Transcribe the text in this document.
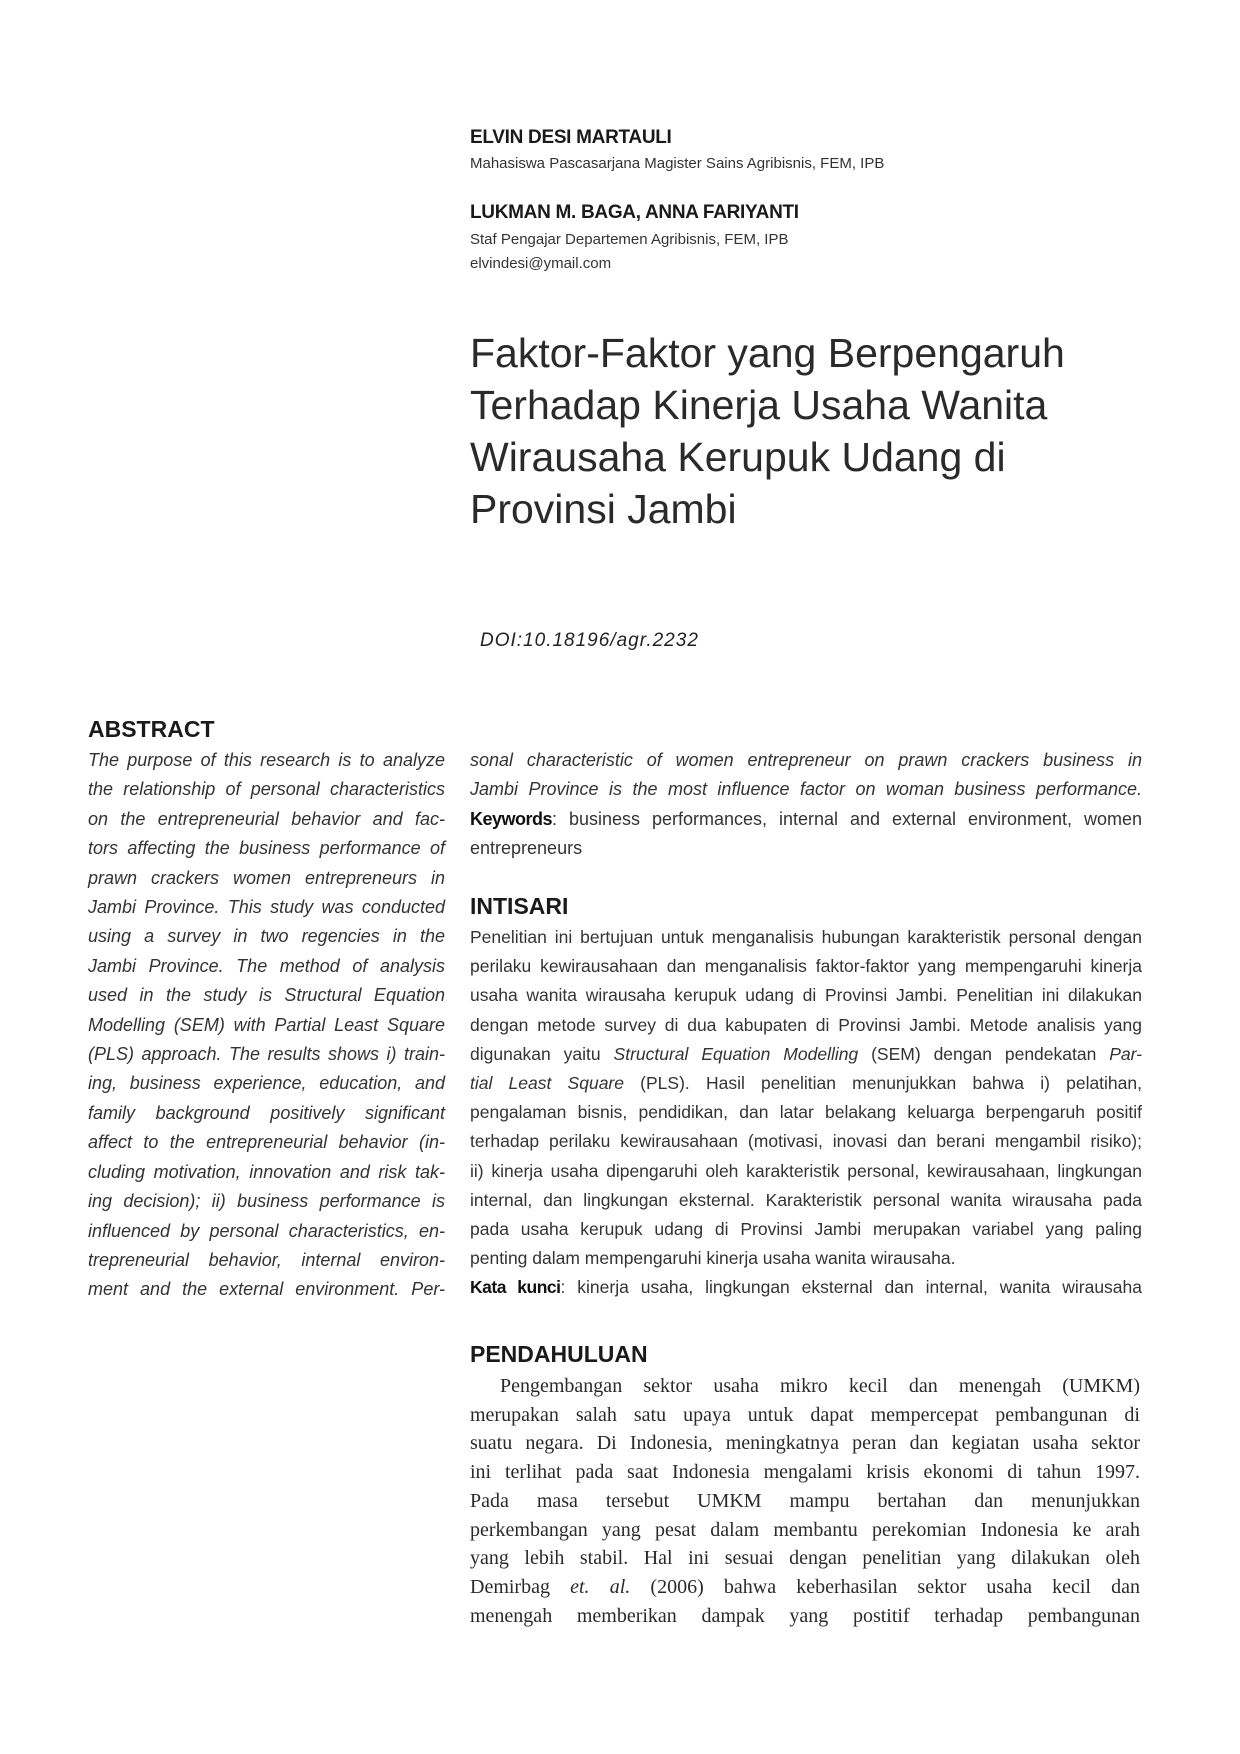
ELVIN DESI MARTAULI
Mahasiswa Pascasarjana Magister Sains Agribisnis, FEM, IPB
LUKMAN M. BAGA, ANNA FARIYANTI
Staf Pengajar Departemen Agribisnis, FEM, IPB
elvindesi@ymail.com
Faktor-Faktor yang Berpengaruh
Terhadap Kinerja Usaha Wanita
Wirausaha Kerupuk Udang di
Provinsi Jambi
DOI:10.18196/agr.2232
ABSTRACT
The purpose of this research is to analyze
the relationship of personal characteristics
on the entrepreneurial behavior and fac-
tors affecting the business performance of
prawn crackers women entrepreneurs in
Jambi Province. This study was conducted
using a survey in two regencies in the
Jambi Province. The method of analysis
used in the study is Structural Equation
Modelling (SEM) with Partial Least Square
(PLS) approach. The results shows i) train-
ing, business experience, education, and
family background positively significant
affect to the entrepreneurial behavior (in-
cluding motivation, innovation and risk tak-
ing decision); ii) business performance is
influenced by personal characteristics, en-
trepreneurial behavior, internal environ-
ment and the external environment. Per-
sonal characteristic of women entrepreneur on prawn crackers business in
Jambi Province is the most influence factor on woman business performance.
Keywords: business performances, internal and external environment, women entrepreneurs
INTISARI
Penelitian ini bertujuan untuk menganalisis hubungan karakteristik personal dengan
perilaku kewirausahaan dan menganalisis faktor-faktor yang mempengaruhi kinerja
usaha wanita wirausaha kerupuk udang di Provinsi Jambi. Penelitian ini dilakukan
dengan metode survey di dua kabupaten di Provinsi Jambi. Metode analisis yang
digunakan yaitu Structural Equation Modelling (SEM) dengan pendekatan Par-
tial Least Square (PLS). Hasil penelitian menunjukkan bahwa i) pelatihan,
pengalaman bisnis, pendidikan, dan latar belakang keluarga berpengaruh positif
terhadap perilaku kewirausahaan (motivasi, inovasi dan berani mengambil risiko);
ii) kinerja usaha dipengaruhi oleh karakteristik personal, kewirausahaan, lingkungan
internal, dan lingkungan eksternal. Karakteristik personal wanita wirausaha pada
pada usaha kerupuk udang di Provinsi Jambi merupakan variabel yang paling
penting dalam mempengaruhi kinerja usaha wanita wirausaha.
Kata kunci: kinerja usaha, lingkungan eksternal dan internal, wanita wirausaha
PENDAHULUAN
Pengembangan sektor usaha mikro kecil dan menengah (UMKM)
merupakan salah satu upaya untuk dapat mempercepat pembangunan di
suatu negara. Di Indonesia, meningkatnya peran dan kegiatan usaha sektor
ini terlihat pada saat Indonesia mengalami krisis ekonomi di tahun 1997.
Pada masa tersebut UMKM mampu bertahan dan menunjukkan
perkembangan yang pesat dalam membantu perekomian Indonesia ke arah
yang lebih stabil. Hal ini sesuai dengan penelitian yang dilakukan oleh
Demirbag et. al. (2006) bahwa keberhasilan sektor usaha kecil dan
menengah memberikan dampak yang postitif terhadap pembangunan
